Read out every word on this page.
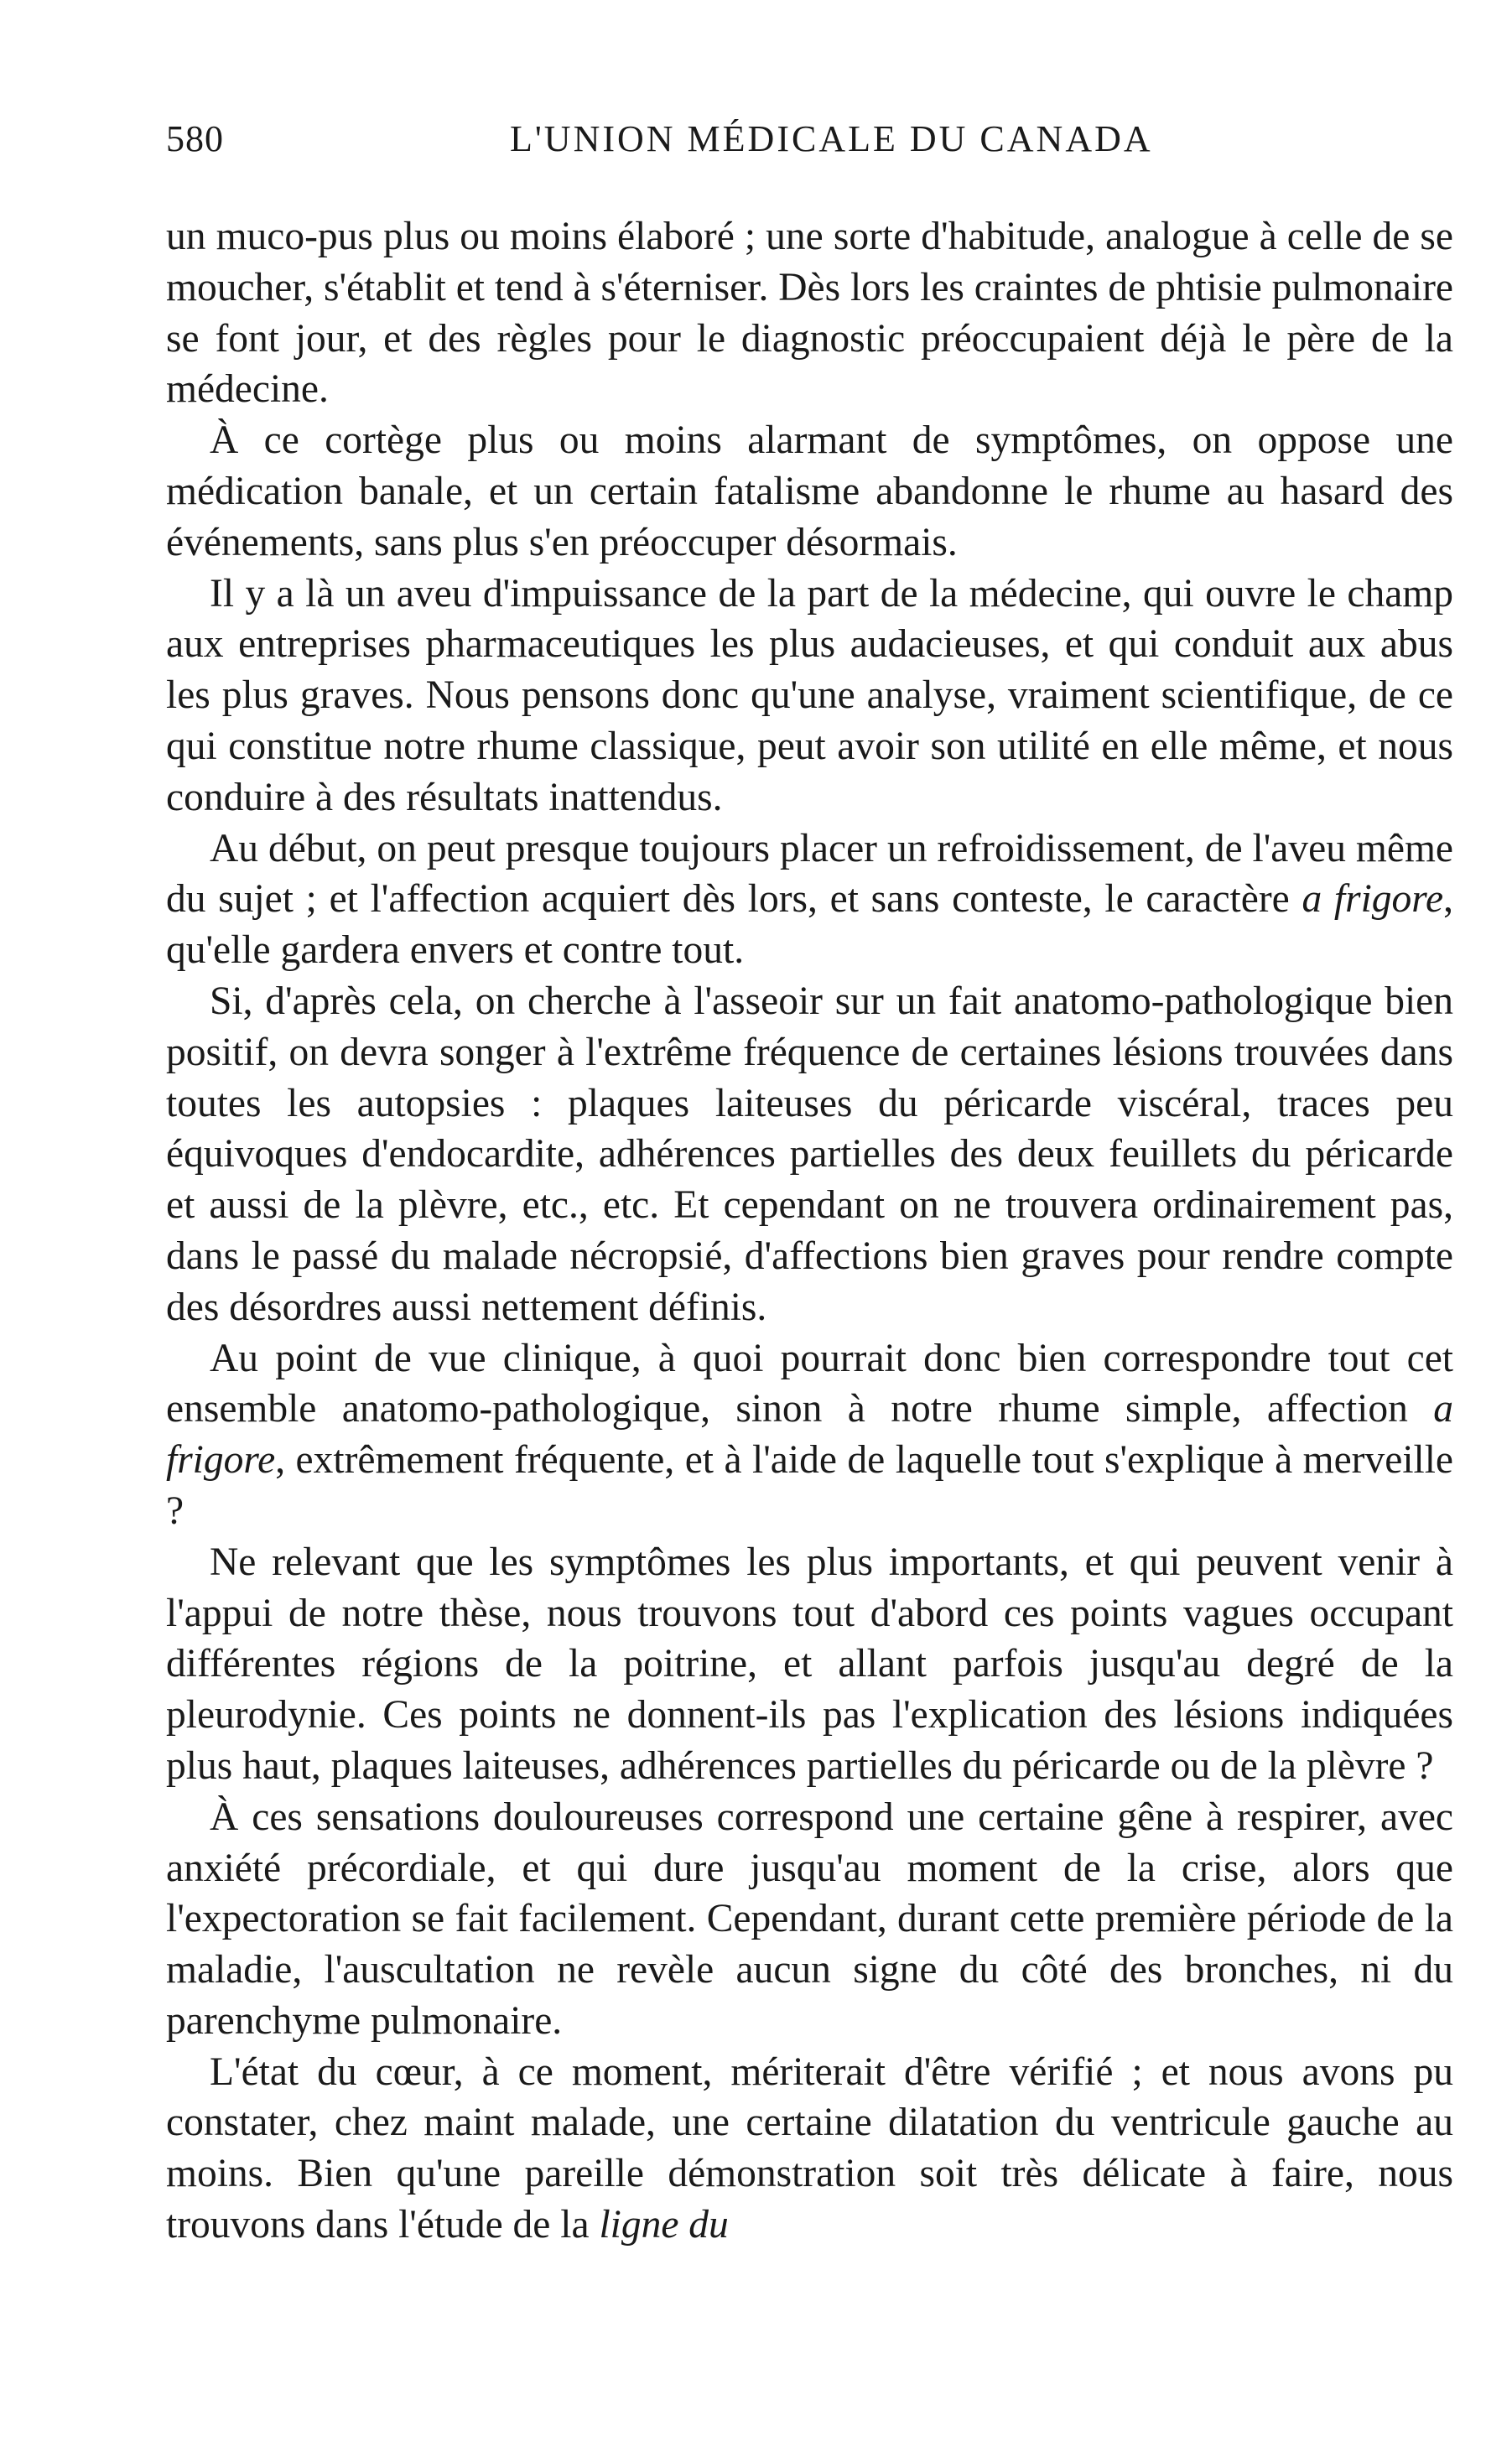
580	L'UNION MÉDICALE DU CANADA

un muco-pus plus ou moins élaboré ; une sorte d'habitude, analogue à celle de se moucher, s'établit et tend à s'éterniser. Dès lors les craintes de phtisie pulmonaire se font jour, et des règles pour le diagnostic préoccupaient déjà le père de la médecine.

À ce cortège plus ou moins alarmant de symptômes, on oppose une médication banale, et un certain fatalisme abandonne le rhume au hasard des événements, sans plus s'en préoccuper désormais.

Il y a là un aveu d'impuissance de la part de la médecine, qui ouvre le champ aux entreprises pharmaceutiques les plus audacieuses, et qui conduit aux abus les plus graves. Nous pensons donc qu'une analyse, vraiment scientifique, de ce qui constitue notre rhume classique, peut avoir son utilité en elle même, et nous conduire à des résultats inattendus.

Au début, on peut presque toujours placer un refroidissement, de l'aveu même du sujet ; et l'affection acquiert dès lors, et sans conteste, le caractère a frigore, qu'elle gardera envers et contre tout.

Si, d'après cela, on cherche à l'asseoir sur un fait anatomo-pathologique bien positif, on devra songer à l'extrême fréquence de certaines lésions trouvées dans toutes les autopsies : plaques laiteuses du péricarde viscéral, traces peu équivoques d'endocardite, adhérences partielles des deux feuillets du péricarde et aussi de la plèvre, etc., etc. Et cependant on ne trouvera ordinairement pas, dans le passé du malade nécropsié, d'affections bien graves pour rendre compte des désordres aussi nettement définis.

Au point de vue clinique, à quoi pourrait donc bien correspondre tout cet ensemble anatomo-pathologique, sinon à notre rhume simple, affection a frigore, extrêmement fréquente, et à l'aide de laquelle tout s'explique à merveille ?

Ne relevant que les symptômes les plus importants, et qui peuvent venir à l'appui de notre thèse, nous trouvons tout d'abord ces points vagues occupant différentes régions de la poitrine, et allant parfois jusqu'au degré de la pleurodynie. Ces points ne donnent-ils pas l'explication des lésions indiquées plus haut, plaques laiteuses, adhérences partielles du péricarde ou de la plèvre ?

À ces sensations douloureuses correspond une certaine gêne à respirer, avec anxiété précordiale, et qui dure jusqu'au moment de la crise, alors que l'expectoration se fait facilement. Cependant, durant cette première période de la maladie, l'auscultation ne revèle aucun signe du côté des bronches, ni du parenchyme pulmonaire.

L'état du cœur, à ce moment, mériterait d'être vérifié ; et nous avons pu constater, chez maint malade, une certaine dilatation du ventricule gauche au moins. Bien qu'une pareille démonstration soit très délicate à faire, nous trouvons dans l'étude de la ligne du
